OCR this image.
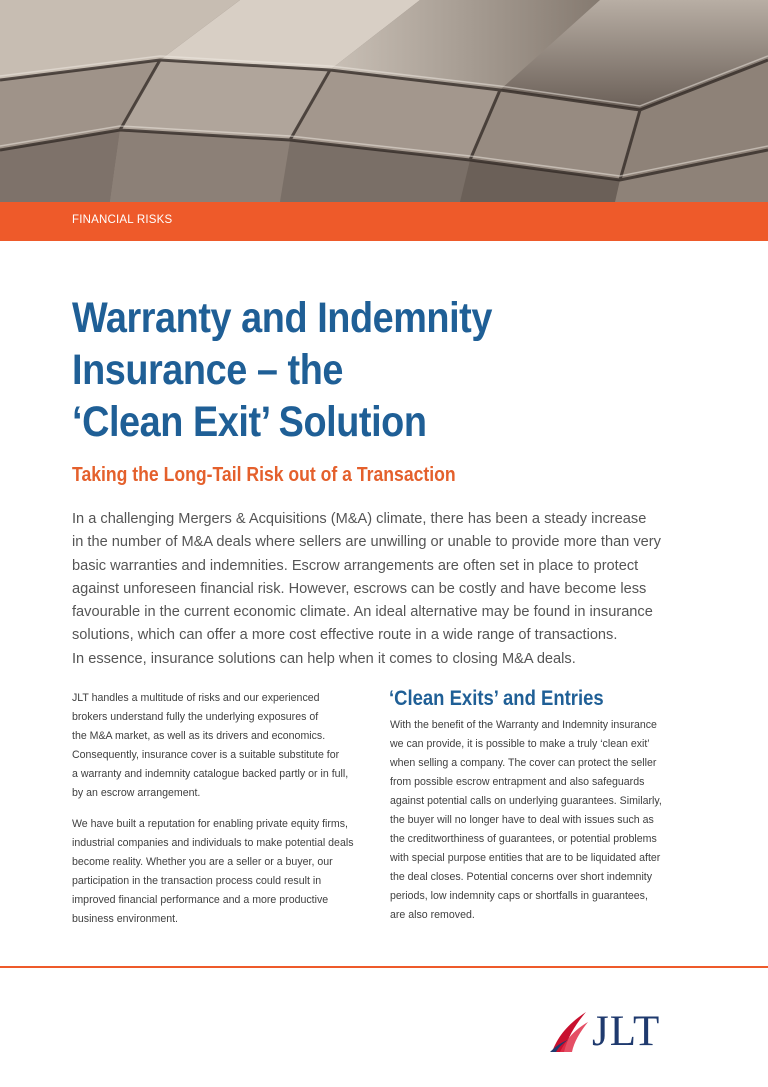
FINANCIAL RISKS
Warranty and Indemnity
Insurance – the
‘Clean Exit’ Solution
Taking the Long-Tail Risk out of a Transaction
In a challenging Mergers & Acquisitions (M&A) climate, there has been a steady increase
in the number of M&A deals where sellers are unwilling or unable to provide more than very
basic warranties and indemnities. Escrow arrangements are often set in place to protect
against unforeseen financial risk. However, escrows can be costly and have become less
favourable in the current economic climate. An ideal alternative may be found in insurance
solutions, which can offer a more cost effective route in a wide range of transactions.
In essence, insurance solutions can help when it comes to closing M&A deals.
JLT handles a multitude of risks and our experienced
brokers understand fully the underlying exposures of
the M&A market, as well as its drivers and economics.
Consequently, insurance cover is a suitable substitute for
a warranty and indemnity catalogue backed partly or in full,
by an escrow arrangement.
We have built a reputation for enabling private equity firms,
industrial companies and individuals to make potential deals
become reality. Whether you are a seller or a buyer, our
participation in the transaction process could result in
improved financial performance and a more productive
business environment.
‘Clean Exits’ and Entries
With the benefit of the Warranty and Indemnity insurance
we can provide, it is possible to make a truly ‘clean exit’
when selling a company. The cover can protect the seller
from possible escrow entrapment and also safeguards
against potential calls on underlying guarantees. Similarly,
the buyer will no longer have to deal with issues such as
the creditworthiness of guarantees, or potential problems
with special purpose entities that are to be liquidated after
the deal closes. Potential concerns over short indemnity
periods, low indemnity caps or shortfalls in guarantees,
are also removed.
JLT
